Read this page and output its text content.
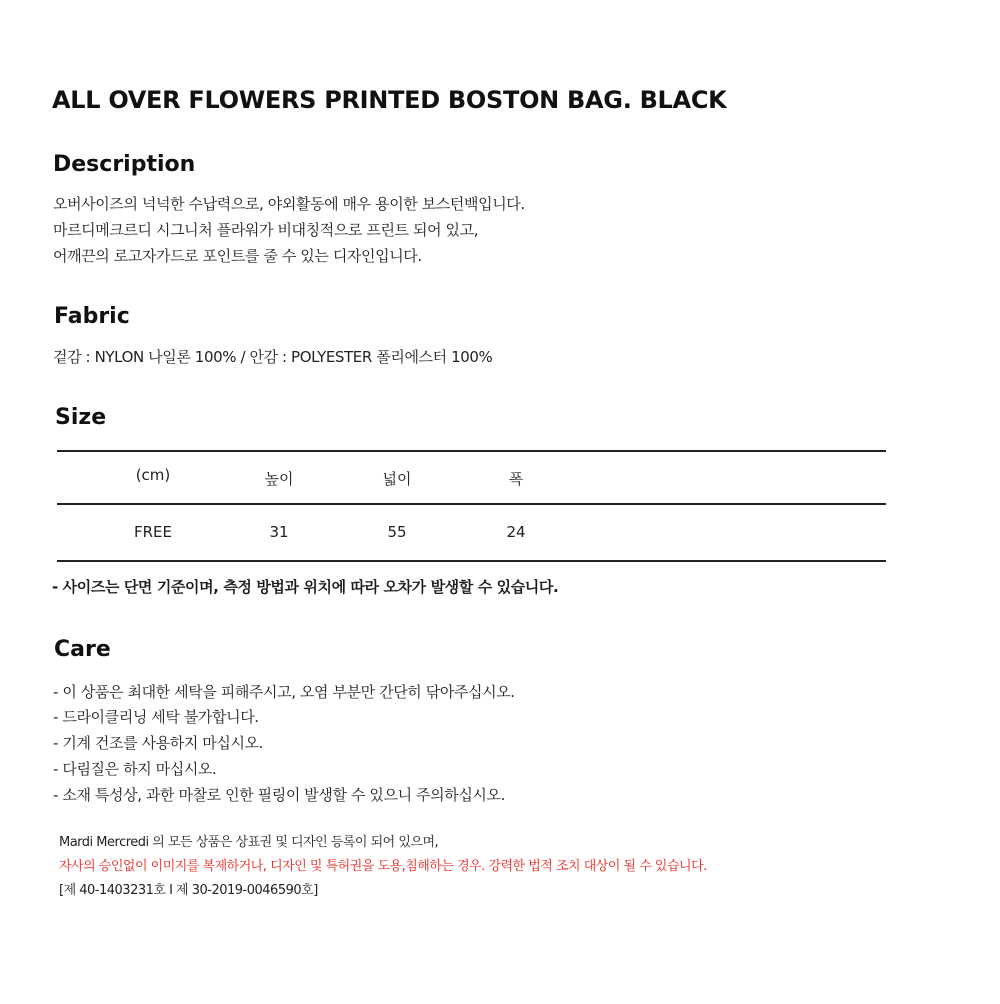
ALL OVER FLOWERS PRINTED BOSTON BAG. BLACK
Description
오버사이즈의 넉넉한 수납력으로, 야외활동에 매우 용이한 보스턴백입니다.
마르디메크르디 시그니처 플라워가 비대칭적으로 프린트 되어 있고,
어깨끈의 로고자가드로 포인트를 줄 수 있는 디자인입니다.
Fabric
겉감 : NYLON 나일론 100% / 안감 : POLYESTER 폴리에스터 100%
Size
(cm)	높이	넓이	폭
FREE	31	55	24
- 사이즈는 단면 기준이며, 측정 방법과 위치에 따라 오차가 발생할 수 있습니다.
Care
- 이 상품은 최대한 세탁을 피해주시고, 오염 부분만 간단히 닦아주십시오.
- 드라이클리닝 세탁 불가합니다.
- 기계 건조를 사용하지 마십시오.
- 다림질은 하지 마십시오.
- 소재 특성상, 과한 마찰로 인한 필링이 발생할 수 있으니 주의하십시오.
Mardi Mercredi 의 모든 상품은 상표권 및 디자인 등록이 되어 있으며,
자사의 승인없이 이미지를 복제하거나, 디자인 및 특허권을 도용,침해하는 경우. 강력한 법적 조치 대상이 될 수 있습니다.
[제 40-1403231호 I 제 30-2019-0046590호]
